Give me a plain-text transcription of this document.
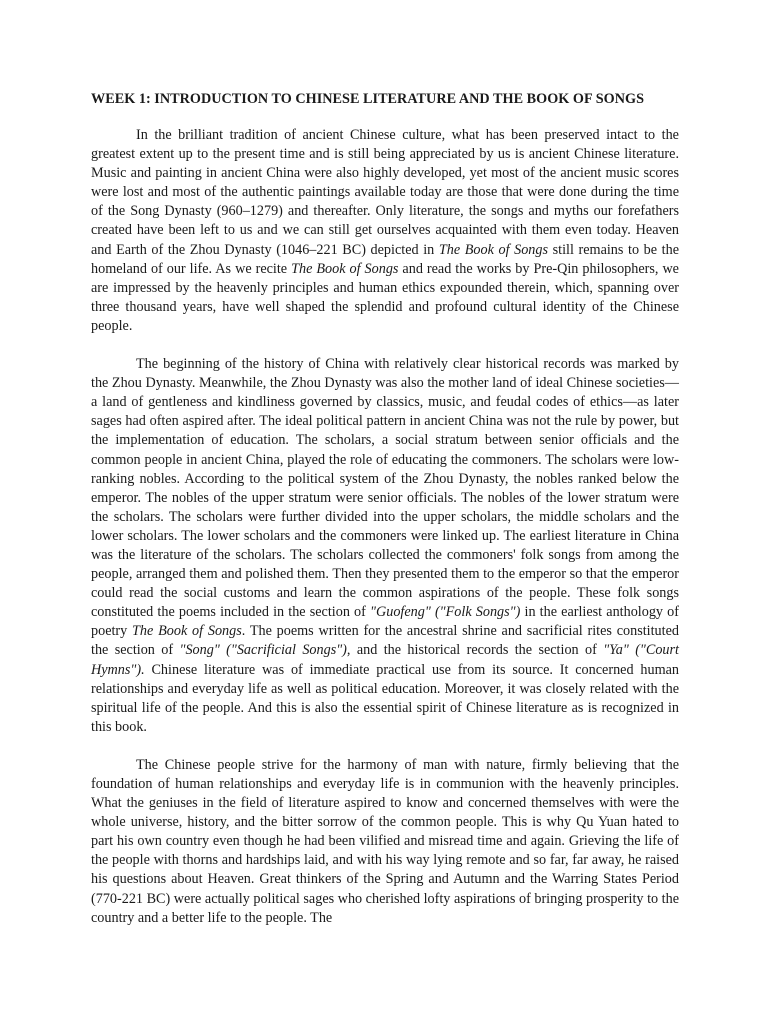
WEEK 1: INTRODUCTION TO CHINESE LITERATURE AND THE BOOK OF SONGS

In the brilliant tradition of ancient Chinese culture, what has been preserved intact to the greatest extent up to the present time and is still being appreciated by us is ancient Chinese literature. Music and painting in ancient China were also highly developed, yet most of the ancient music scores were lost and most of the authentic paintings available today are those that were done during the time of the Song Dynasty (960–1279) and thereafter. Only literature, the songs and myths our forefathers created have been left to us and we can still get ourselves acquainted with them even today. Heaven and Earth of the Zhou Dynasty (1046–221 BC) depicted in The Book of Songs still remains to be the homeland of our life. As we recite The Book of Songs and read the works by Pre-Qin philosophers, we are impressed by the heavenly principles and human ethics expounded therein, which, spanning over three thousand years, have well shaped the splendid and profound cultural identity of the Chinese people.

The beginning of the history of China with relatively clear historical records was marked by the Zhou Dynasty. Meanwhile, the Zhou Dynasty was also the mother land of ideal Chinese societies—a land of gentleness and kindliness governed by classics, music, and feudal codes of ethics—as later sages had often aspired after. The ideal political pattern in ancient China was not the rule by power, but the implementation of education. The scholars, a social stratum between senior officials and the common people in ancient China, played the role of educating the commoners. The scholars were low-ranking nobles. According to the political system of the Zhou Dynasty, the nobles ranked below the emperor. The nobles of the upper stratum were senior officials. The nobles of the lower stratum were the scholars. The scholars were further divided into the upper scholars, the middle scholars and the lower scholars. The lower scholars and the commoners were linked up. The earliest literature in China was the literature of the scholars. The scholars collected the commoners' folk songs from among the people, arranged them and polished them. Then they presented them to the emperor so that the emperor could read the social customs and learn the common aspirations of the people. These folk songs constituted the poems included in the section of "Guofeng" ("Folk Songs") in the earliest anthology of poetry The Book of Songs. The poems written for the ancestral shrine and sacrificial rites constituted the section of "Song" ("Sacrificial Songs"), and the historical records the section of "Ya" ("Court Hymns"). Chinese literature was of immediate practical use from its source. It concerned human relationships and everyday life as well as political education. Moreover, it was closely related with the spiritual life of the people. And this is also the essential spirit of Chinese literature as is recognized in this book.

The Chinese people strive for the harmony of man with nature, firmly believing that the foundation of human relationships and everyday life is in communion with the heavenly principles. What the geniuses in the field of literature aspired to know and concerned themselves with were the whole universe, history, and the bitter sorrow of the common people. This is why Qu Yuan hated to part his own country even though he had been vilified and misread time and again. Grieving the life of the people with thorns and hardships laid, and with his way lying remote and so far, far away, he raised his questions about Heaven. Great thinkers of the Spring and Autumn and the Warring States Period (770-221 BC) were actually political sages who cherished lofty aspirations of bringing prosperity to the country and a better life to the people. The
